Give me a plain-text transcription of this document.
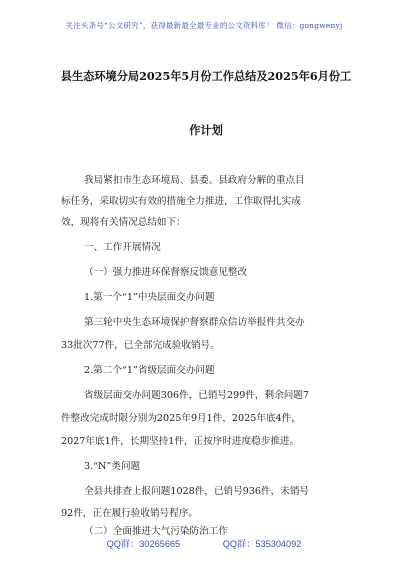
关注头条号“公文研究”，获得最新最全最专业的公文资料库！ 微信：gongwenyj
县生态环境分局2025年5月份工作总结及2025年6月份工
作计划
我局紧扣市生态环境局、县委、县政府分解的重点目
标任务，采取切实有效的措施全力推进，工作取得扎实成
效，现将有关情况总结如下：
一、工作开展情况
（一）强力推进环保督察反馈意见整改
1.第一个“1”中央层面交办问题
第三轮中央生态环境保护督察群众信访举报件共交办
33批次77件，已全部完成验收销号。
2.第二个“1”省级层面交办问题
省级层面交办问题306件，已销号299件，剩余问题7
件整改完成时限分别为2025年9月1件，2025年底4件，
2027年底1件，长期坚持1件，正按序时进度稳步推进。
3.“N”类问题
全县共排查上报问题1028件，已销号936件，未销号
92件，正在履行验收销号程序。
（二）全面推进大气污染防治工作
QQ群：30265665	QQ群：535304092
